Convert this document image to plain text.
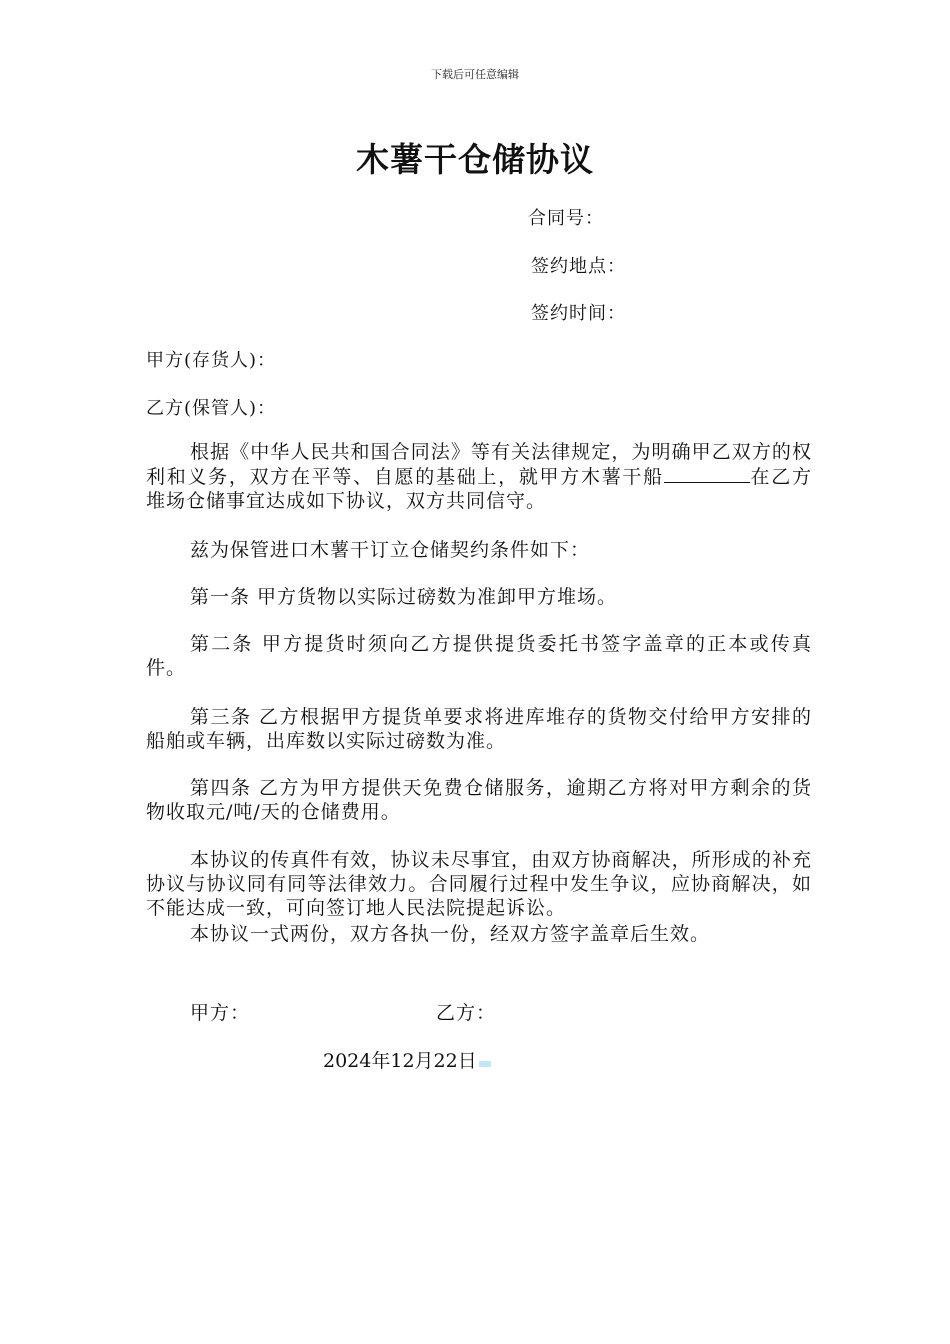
下载后可任意编辑
木薯干仓储协议
合同号：
签约地点：
签约时间：
甲方(存货人)：
乙方(保管人)：
根据《中华人民共和国合同法》等有关法律规定，为明确甲乙双方的权利和义务，双方在平等、自愿的基础上，就甲方木薯干船	在乙方堆场仓储事宜达成如下协议，双方共同信守。
兹为保管进口木薯干订立仓储契约条件如下：
第一条 甲方货物以实际过磅数为准卸甲方堆场。
第二条 甲方提货时须向乙方提供提货委托书签字盖章的正本或传真件。
第三条 乙方根据甲方提货单要求将进库堆存的货物交付给甲方安排的船舶或车辆，出库数以实际过磅数为准。
第四条 乙方为甲方提供天免费仓储服务，逾期乙方将对甲方剩余的货物收取元/吨/天的仓储费用。
本协议的传真件有效，协议未尽事宜，由双方协商解决，所形成的补充协议与协议同有同等法律效力。合同履行过程中发生争议，应协商解决，如不能达成一致，可向签订地人民法院提起诉讼。
本协议一式两份，双方各执一份，经双方签字盖章后生效。
甲方：	乙方：
2024年12月22日
